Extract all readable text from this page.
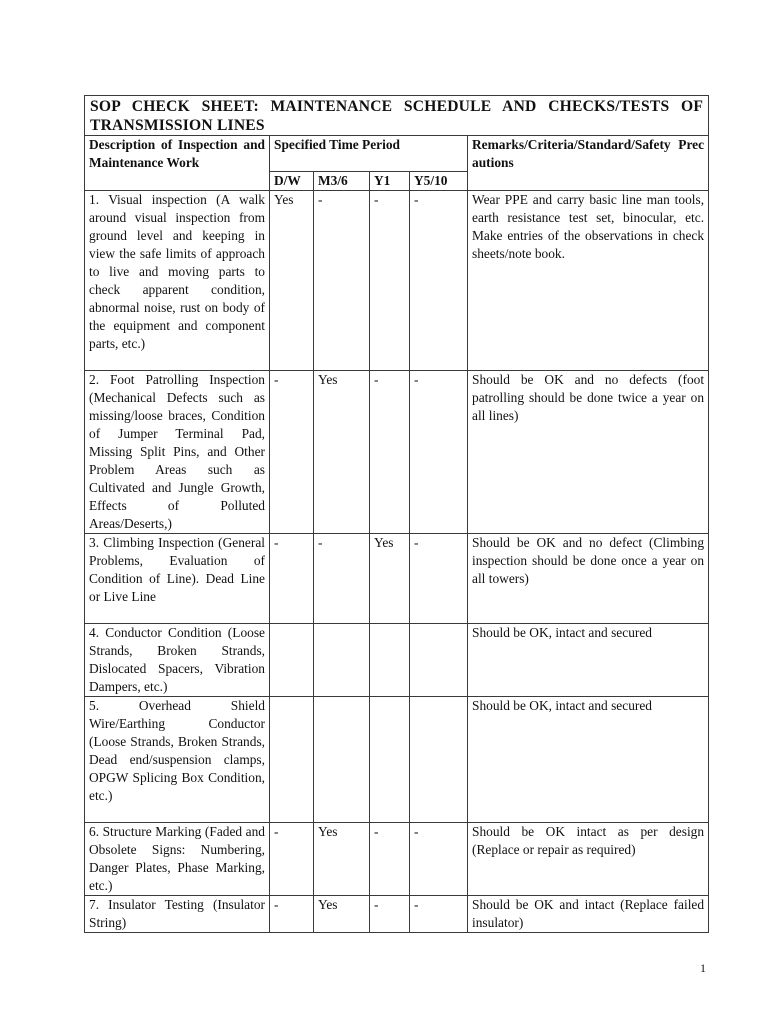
SOP CHECK SHEET: MAINTENANCE SCHEDULE AND CHECKS/TESTS OF TRANSMISSION LINES					
Description of Inspection and Maintenance Work	Specified Time Period				Remarks/Criteria/Standard/Safety Precautions
	D/W	M3/6	Y1	Y5/10	
1. Visual inspection (A walk around visual inspection from ground level and keeping in view the safe limits of approach to live and moving parts to check apparent condition, abnormal noise, rust on body of the equipment and component parts, etc.)	Yes	-	-	-	Wear PPE and carry basic line man tools, earth resistance test set, binocular, etc. Make entries of the observations in check sheets/note book.
2. Foot Patrolling Inspection (Mechanical Defects such as missing/loose braces, Condition of Jumper Terminal Pad, Missing Split Pins, and Other Problem Areas such as Cultivated and Jungle Growth, Effects of Polluted Areas/Deserts,)	-	Yes	-	-	Should be OK and no defects (foot patrolling should be done twice a year on all lines)
3. Climbing Inspection (General Problems, Evaluation of Condition of Line). Dead Line or Live Line	-	-	Yes	-	Should be OK and no defect (Climbing inspection should be done once a year on all towers)
4. Conductor Condition (Loose Strands, Broken Strands, Dislocated Spacers, Vibration Dampers, etc.)					Should be OK, intact and secured
5. Overhead Shield Wire/Earthing Conductor (Loose Strands, Broken Strands, Dead end/suspension clamps, OPGW Splicing Box Condition, etc.)					Should be OK, intact and secured
6. Structure Marking (Faded and Obsolete Signs: Numbering, Danger Plates, Phase Marking, etc.)	-	Yes	-	-	Should be OK intact as per design (Replace or repair as required)
7. Insulator Testing (Insulator String)	-	Yes	-	-	Should be OK and intact (Replace failed insulator)
1
